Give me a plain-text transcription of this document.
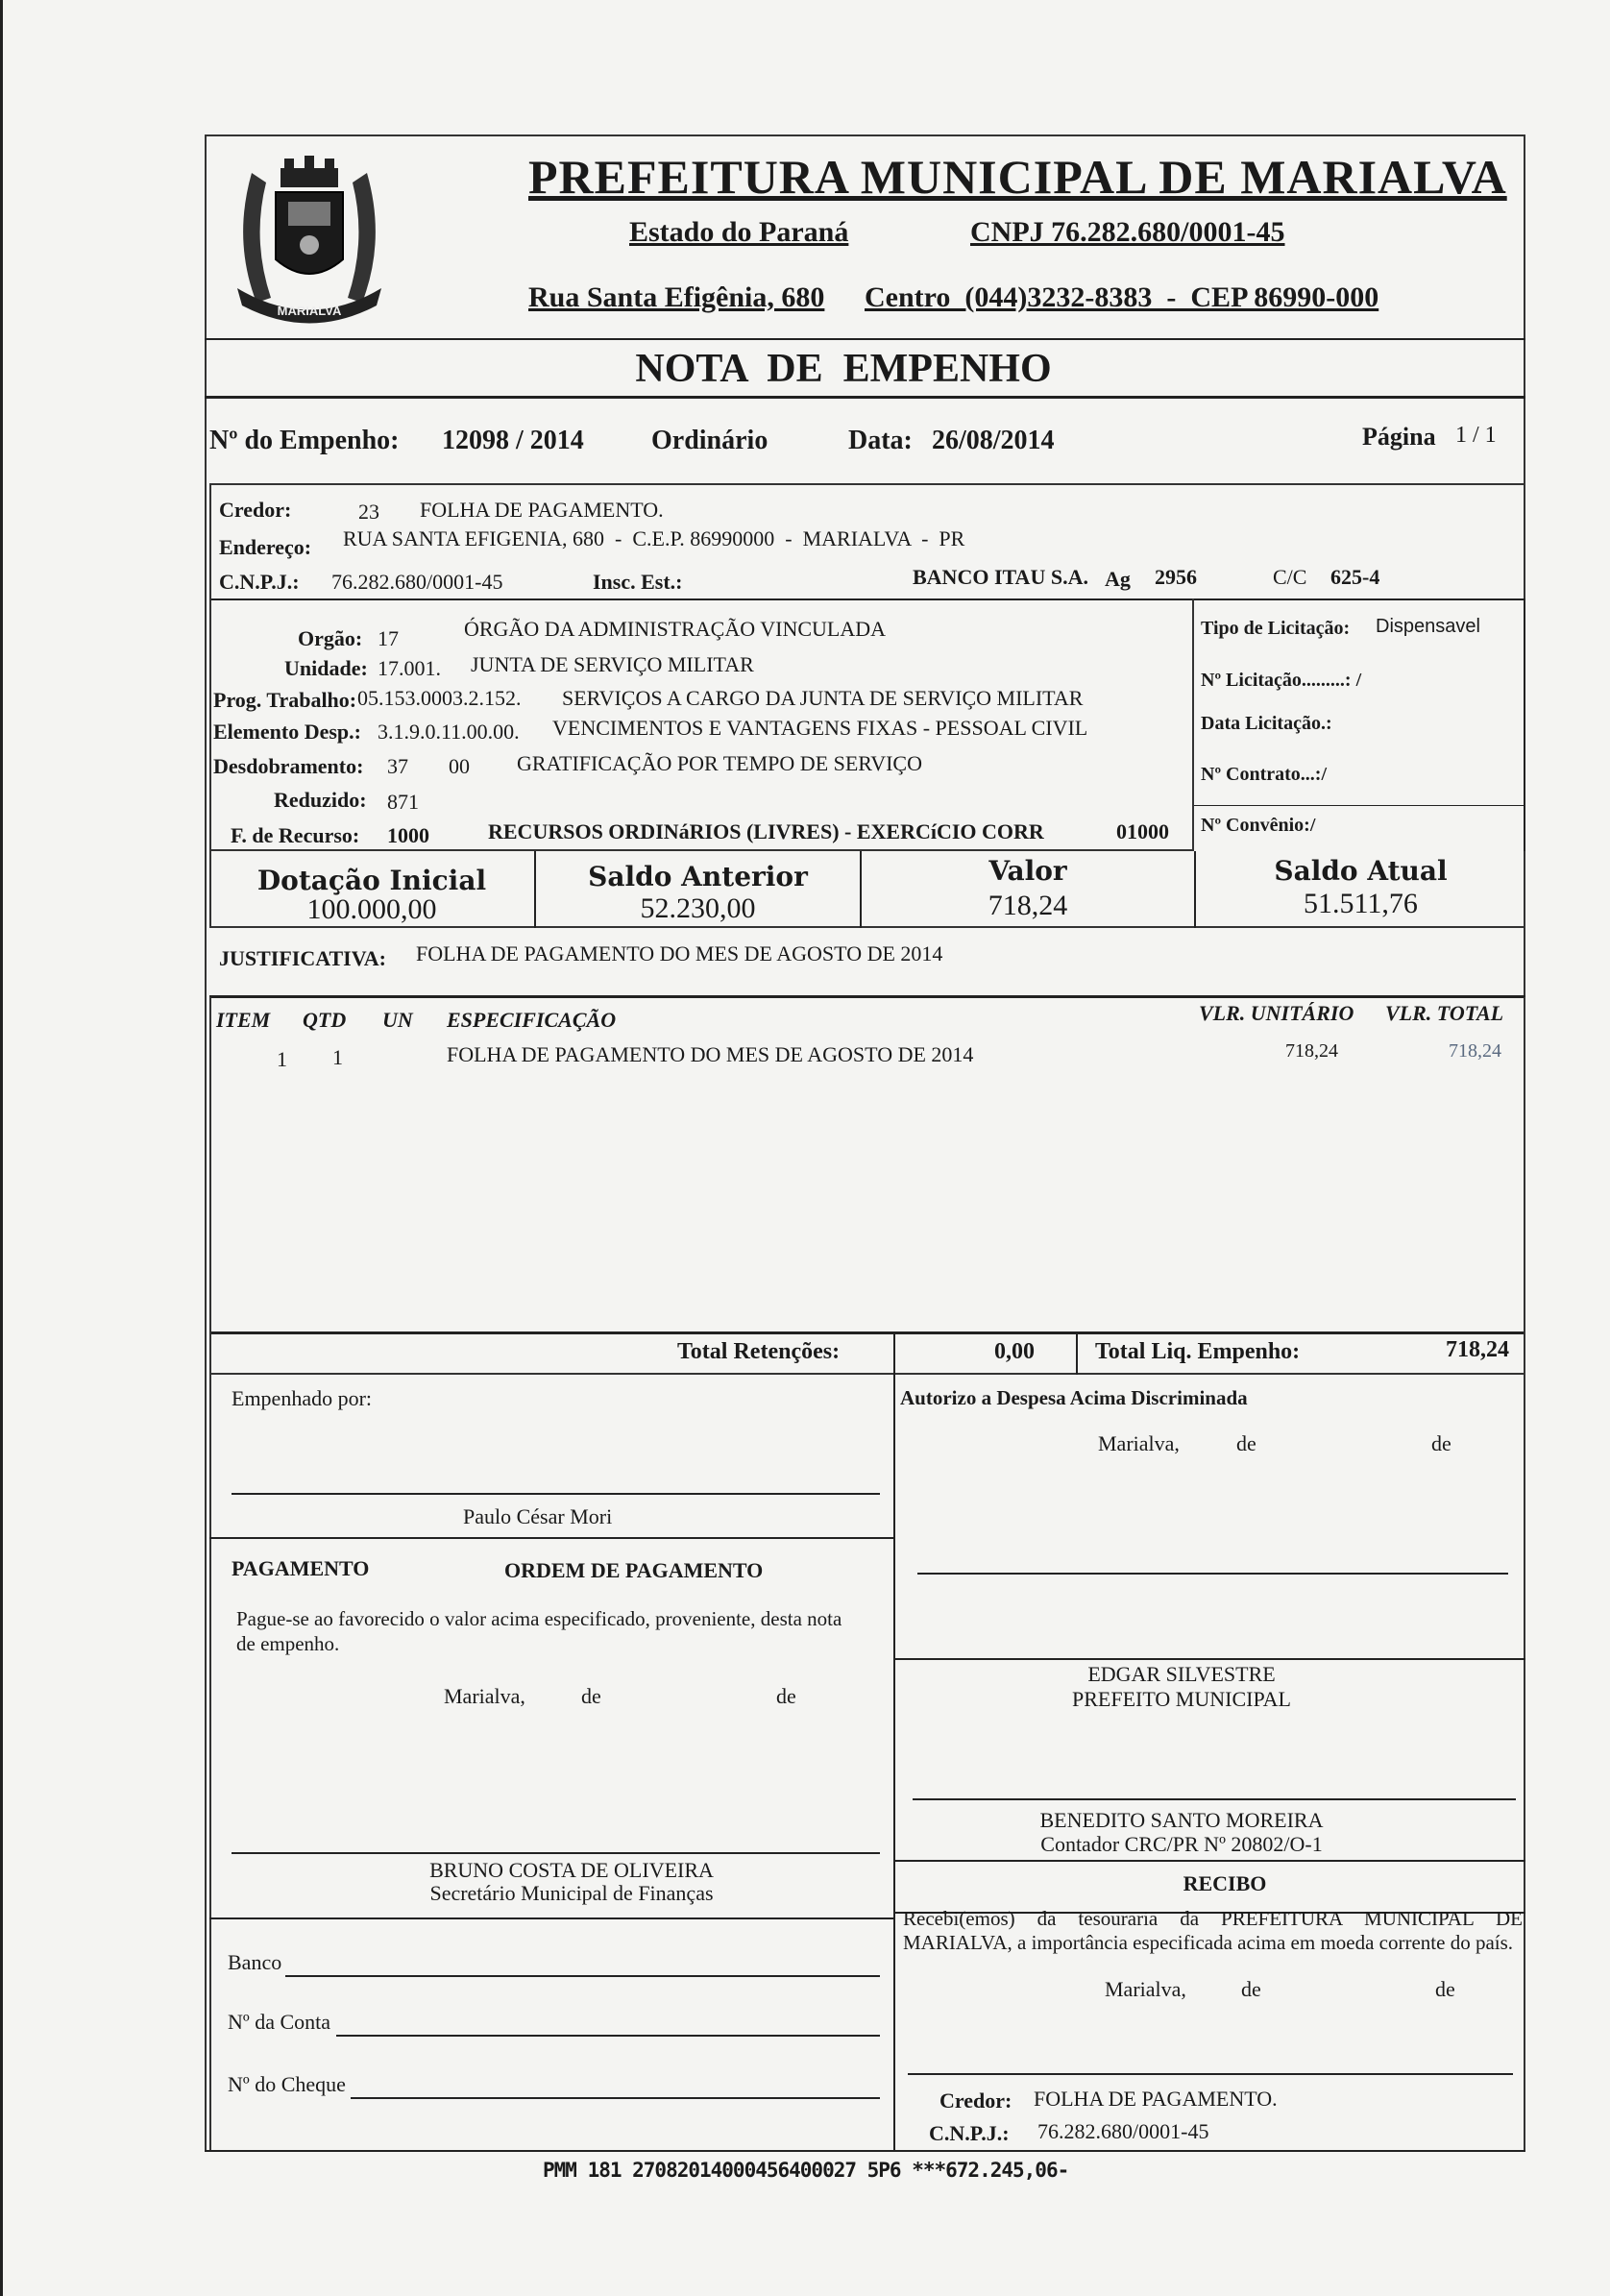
MARIALVA
PREFEITURA MUNICIPAL DE MARIALVA
Estado do Paraná	CNPJ 76.282.680/0001-45
Rua Santa Efigênia, 680 Centro  (044)3232-8383  -  CEP 86990-000
NOTA  DE  EMPENHO
Nº do Empenho: 12098 / 2014	Ordinário	Data: 26/08/2014	Página 1 / 1
Credor:	23 FOLHA DE PAGAMENTO.
Endereço: RUA SANTA EFIGENIA, 680  -  C.E.P. 86990000  -  MARIALVA  -  PR
C.N.P.J.: 76.282.680/0001-45	Insc. Est.:	BANCO ITAU S.A. Ag 2956	C/C 625-4
Orgão: 17	ÓRGÃO DA ADMINISTRAÇÃO VINCULADA
Unidade: 17.001. JUNTA DE SERVIÇO MILITAR
Prog. Trabalho: 05.153.0003.2.152. SERVIÇOS A CARGO DA JUNTA DE SERVIÇO MILITAR
Elemento Desp.: 3.1.9.0.11.00.00. VENCIMENTOS E VANTAGENS FIXAS - PESSOAL CIVIL
Desdobramento: 37 00 GRATIFICAÇÃO POR TEMPO DE SERVIÇO
Reduzido: 871
F. de Recurso: 1000	RECURSOS ORDINáRIOS (LIVRES) - EXERCíCIO CORR	01000
Tipo de Licitação: Dispensavel
Nº Licitação.........: /
Data Licitação.:
Nº Contrato...:/
Nº Convênio:/
Dotação Inicial
100.000,00
Saldo Anterior
52.230,00
Valor
718,24
Saldo Atual
51.511,76
JUSTIFICATIVA: FOLHA DE PAGAMENTO DO MES DE AGOSTO DE 2014
ITEM QTD UN ESPECIFICAÇÃO	VLR. UNITÁRIO VLR. TOTAL
1 1	FOLHA DE PAGAMENTO DO MES DE AGOSTO DE 2014	718,24	718,24
Total Retenções:	0,00	Total Liq. Empenho:	718,24
Empenhado por:
Paulo César Mori
Autorizo a Despesa Acima Discriminada
Marialva,	de	de
PAGAMENTO	ORDEM DE PAGAMENTO
Pague-se ao favorecido o valor acima especificado, proveniente, desta nota de empenho.
Marialva,	de	de
EDGAR SILVESTRE
PREFEITO MUNICIPAL
BENEDITO SANTO MOREIRA
Contador CRC/PR Nº 20802/O-1
BRUNO COSTA DE OLIVEIRA
Secretário Municipal de Finanças	RECIBO
Recebi(emos) da tesouraria da PREFEITURA MUNICIPAL DE MARIALVA, a importância especificada acima em moeda corrente do país.
Marialva,	de	de
Banco
Nº da Conta
Nº do Cheque
Credor: FOLHA DE PAGAMENTO.
C.N.P.J.: 76.282.680/0001-45
PMM 181 27082014000456400027 5P6 ***672.245,06-
